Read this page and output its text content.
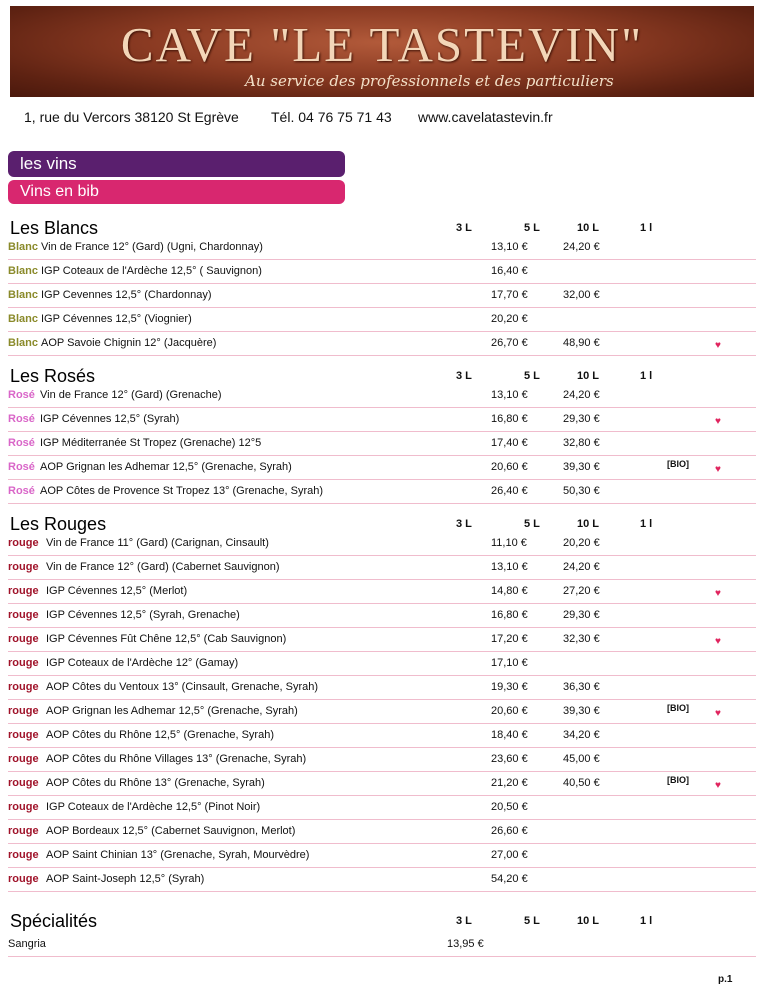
CAVE "LE TASTEVIN"
Au service des professionnels et des particuliers
1, rue du Vercors 38120 St Egrève Tél. 04 76 75 71 43 www.cavelatastevin.fr
les vins
Vins en bib
Les Blancs	3 L	5 L	10 L	1 l
Blanc Vin de France 12° (Gard) (Ugni, Chardonnay)	13,10 €	24,20 €
Blanc IGP Coteaux de l'Ardèche 12,5° ( Sauvignon)	16,40 €
Blanc IGP Cevennes 12,5° (Chardonnay)	17,70 €	32,00 €
Blanc IGP Cévennes 12,5° (Viognier)	20,20 €
Blanc AOP Savoie Chignin 12° (Jacquère)	26,70 €	48,90 €	♥
Les Rosés	3 L	5 L	10 L	1 l
Rosé Vin de France 12° (Gard) (Grenache)	13,10 €	24,20 €
Rosé IGP Cévennes 12,5° (Syrah)	16,80 €	29,30 €	♥
Rosé IGP Méditerranée St Tropez (Grenache) 12°5	17,40 €	32,80 €
Rosé AOP Grignan les Adhemar 12,5° (Grenache, Syrah)	20,60 €	39,30 €	[BIO]	♥
Rosé AOP Côtes de Provence St Tropez 13° (Grenache, Syrah)	26,40 €	50,30 €
Les Rouges	3 L	5 L	10 L	1 l
rouge Vin de France 11° (Gard) (Carignan, Cinsault)	11,10 €	20,20 €
rouge Vin de France 12° (Gard) (Cabernet Sauvignon)	13,10 €	24,20 €
rouge IGP Cévennes 12,5° (Merlot)	14,80 €	27,20 €	♥
rouge IGP Cévennes 12,5° (Syrah, Grenache)	16,80 €	29,30 €
rouge IGP Cévennes Fût Chêne 12,5° (Cab Sauvignon)	17,20 €	32,30 €	♥
rouge IGP Coteaux de l'Ardèche 12° (Gamay)	17,10 €
rouge AOP Côtes du Ventoux 13° (Cinsault, Grenache, Syrah)	19,30 €	36,30 €
rouge AOP Grignan les Adhemar 12,5° (Grenache, Syrah)	20,60 €	39,30 €	[BIO]	♥
rouge AOP Côtes du Rhône 12,5° (Grenache, Syrah)	18,40 €	34,20 €
rouge AOP Côtes du Rhône Villages 13° (Grenache, Syrah)	23,60 €	45,00 €
rouge AOP Côtes du Rhône 13° (Grenache, Syrah)	21,20 €	40,50 €	[BIO]	♥
rouge IGP Coteaux de l'Ardèche 12,5° (Pinot Noir)	20,50 €
rouge AOP Bordeaux 12,5° (Cabernet Sauvignon, Merlot)	26,60 €
rouge AOP Saint Chinian 13° (Grenache, Syrah, Mourvèdre)	27,00 €
rouge AOP Saint-Joseph 12,5° (Syrah)	54,20 €
Spécialités	3 L	5 L	10 L	1 l
Sangria	13,95 €
p.1
